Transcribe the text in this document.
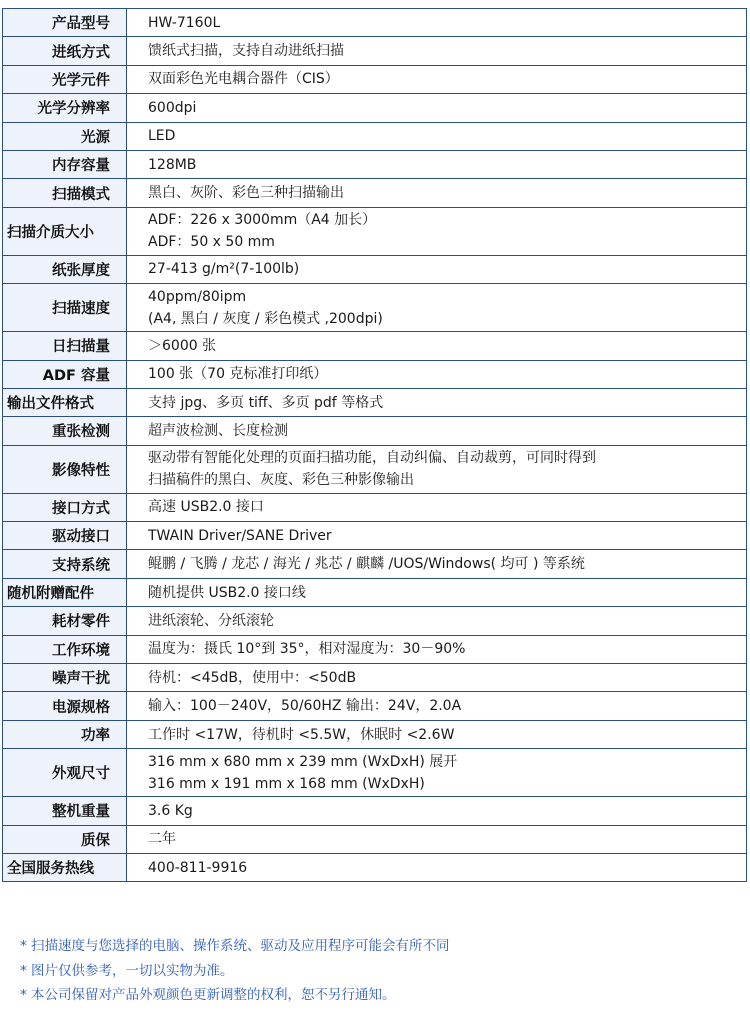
产品型号	HW-7160L

进纸方式	馈纸式扫描，支持自动进纸扫描

光学元件	双面彩色光电耦合器件（CIS）

光学分辨率	600dpi

光源	LED

内存容量	128MB

扫描模式	黑白、灰阶、彩色三种扫描输出

扫描介质大小	ADF：226 x 3000mm（A4 加长）
ADF：50 x 50 mm

纸张厚度	27-413 g/m²(7-100lb)

扫描速度	40ppm/80ipm
(A4, 黑白 / 灰度 / 彩色模式 ,200dpi)

日扫描量	＞6000 张

ADF 容量	100 张（70 克标准打印纸）

输出文件格式	支持 jpg、多页 tiff、多页 pdf 等格式

重张检测	超声波检测、长度检测

影像特性	驱动带有智能化处理的页面扫描功能，自动纠偏、自动裁剪，可同时得到
扫描稿件的黑白、灰度、彩色三种影像输出

接口方式	高速 USB2.0 接口

驱动接口	TWAIN Driver/SANE Driver

支持系统	鲲鹏 / 飞腾 / 龙芯 / 海光 / 兆芯 / 麒麟 /UOS/Windows( 均可 ) 等系统

随机附赠配件	随机提供 USB2.0 接口线

耗材零件	进纸滚轮、分纸滚轮

工作环境	温度为：摄氏 10°到 35°，相对湿度为：30－90%

噪声干扰	待机：<45dB，使用中：<50dB

电源规格	输入：100－240V，50/60HZ 输出：24V，2.0A

功率	工作时 <17W，待机时 <5.5W，休眠时 <2.6W

外观尺寸	316 mm x 680 mm x 239 mm (WxDxH) 展开
316 mm x 191 mm x 168 mm (WxDxH)

整机重量	3.6 Kg

质保	二年

全国服务热线	400-811-9916
* 扫描速度与您选择的电脑、操作系统、驱动及应用程序可能会有所不同
* 图片仅供参考，一切以实物为准。
* 本公司保留对产品外观颜色更新调整的权利，恕不另行通知。
